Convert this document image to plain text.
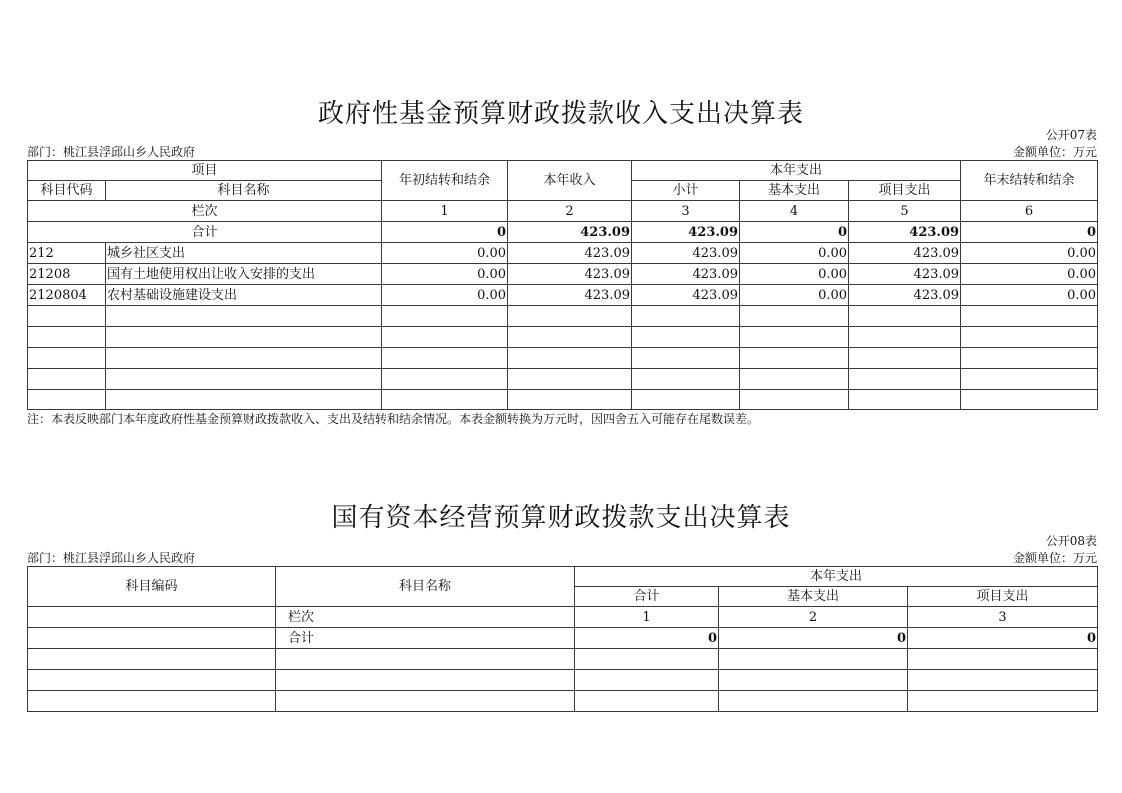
政府性基金预算财政拨款收入支出决算表
公开07表
部门：桃江县浮邱山乡人民政府	金额单位：万元
项目		年初结转和结余	本年收入	本年支出			年末结转和结余
科目代码	科目名称			小计	基本支出	项目支出	
栏次		1	2	3	4	5	6
合计		0	423.09	423.09	0	423.09	0
212	城乡社区支出	0.00	423.09	423.09	0.00	423.09	0.00
21208	国有土地使用权出让收入安排的支出	0.00	423.09	423.09	0.00	423.09	0.00
2120804	农村基础设施建设支出	0.00	423.09	423.09	0.00	423.09	0.00

注：本表反映部门本年度政府性基金预算财政拨款收入、支出及结转和结余情况。本表金额转换为万元时，因四舍五入可能存在尾数误差。
国有资本经营预算财政拨款支出决算表
公开08表
部门：桃江县浮邱山乡人民政府	金额单位：万元
科目编码	科目名称	本年支出		
		合计	基本支出	项目支出
	栏次	1	2	3
	合计	0	0	0
